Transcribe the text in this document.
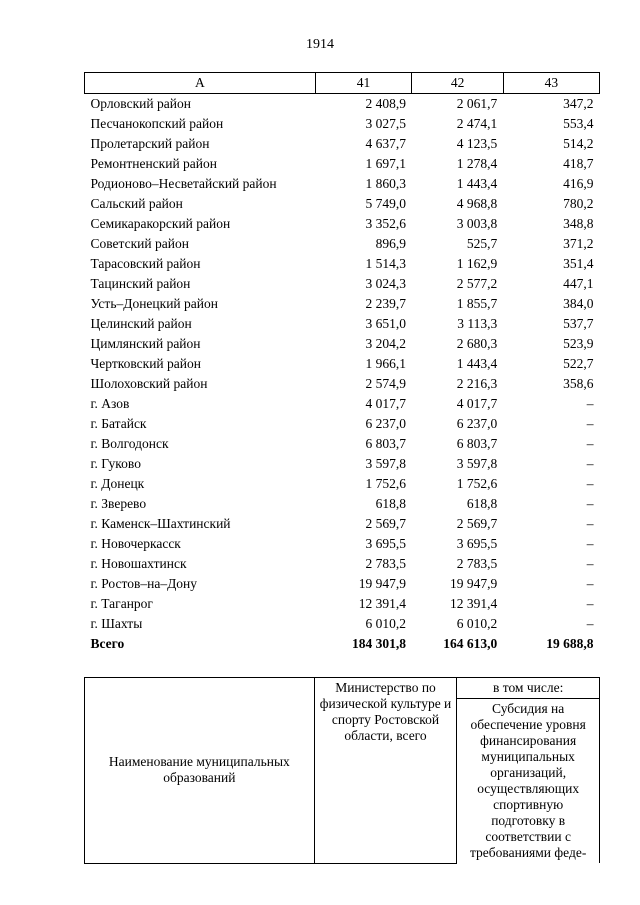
1914
А	41	42	43
Орловский район	2 408,9	2 061,7	347,2
Песчанокопский район	3 027,5	2 474,1	553,4
Пролетарский район	4 637,7	4 123,5	514,2
Ремонтненский район	1 697,1	1 278,4	418,7
Родионово–Несветайский район	1 860,3	1 443,4	416,9
Сальский район	5 749,0	4 968,8	780,2
Семикаракорский район	3 352,6	3 003,8	348,8
Советский район	896,9	525,7	371,2
Тарасовский район	1 514,3	1 162,9	351,4
Тацинский район	3 024,3	2 577,2	447,1
Усть–Донецкий район	2 239,7	1 855,7	384,0
Целинский район	3 651,0	3 113,3	537,7
Цимлянский район	3 204,2	2 680,3	523,9
Чертковский район	1 966,1	1 443,4	522,7
Шолоховский район	2 574,9	2 216,3	358,6
г. Азов	4 017,7	4 017,7	–
г. Батайск	6 237,0	6 237,0	–
г. Волгодонск	6 803,7	6 803,7	–
г. Гуково	3 597,8	3 597,8	–
г. Донецк	1 752,6	1 752,6	–
г. Зверево	618,8	618,8	–
г. Каменск–Шахтинский	2 569,7	2 569,7	–
г. Новочеркасск	3 695,5	3 695,5	–
г. Новошахтинск	2 783,5	2 783,5	–
г. Ростов–на–Дону	19 947,9	19 947,9	–
г. Таганрог	12 391,4	12 391,4	–
г. Шахты	6 010,2	6 010,2	–
Всего	184 301,8	164 613,0	19 688,8
Наименование муниципальных образований	Министерство по физической культуре и спорту Ростовской области, всего	в том числе:
Субсидия на обеспечение уровня финансирования муниципальных организаций, осуществляющих спортивную подготовку в соответствии с требованиями феде-
